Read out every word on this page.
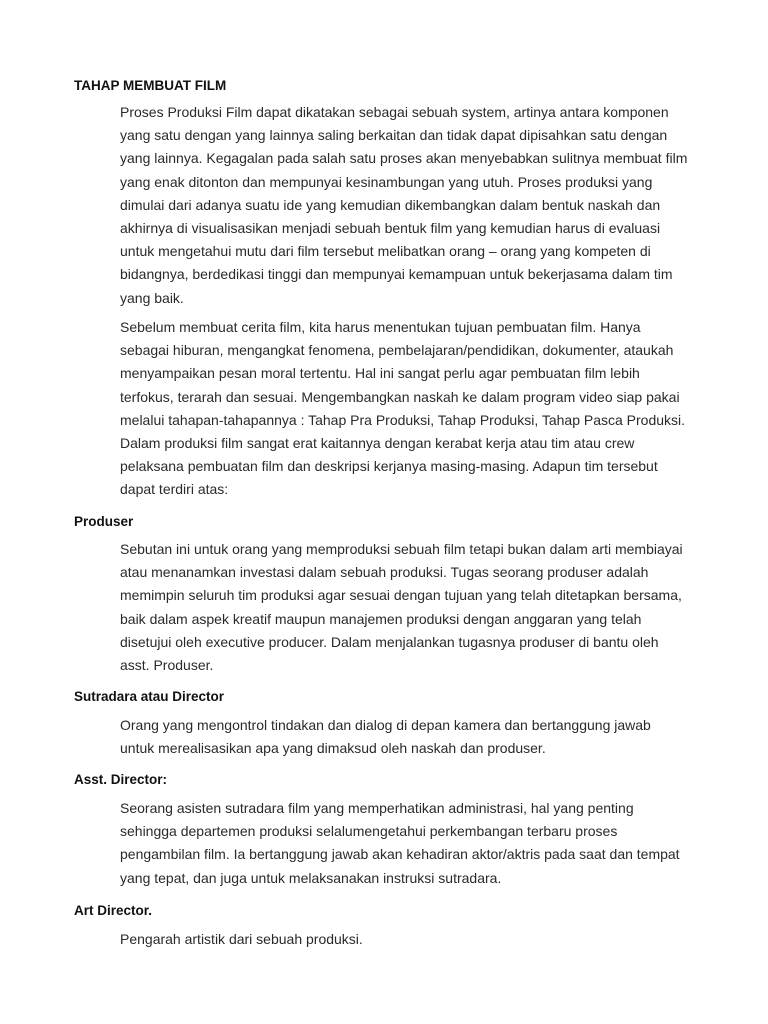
TAHAP MEMBUAT FILM
Proses Produksi Film dapat dikatakan sebagai sebuah system, artinya antara komponen
yang satu dengan yang lainnya saling berkaitan dan tidak dapat dipisahkan satu dengan
yang lainnya. Kegagalan pada salah satu proses akan menyebabkan sulitnya membuat film
yang enak ditonton dan mempunyai kesinambungan yang utuh. Proses produksi yang
dimulai dari adanya suatu ide yang kemudian dikembangkan dalam bentuk naskah dan
akhirnya di visualisasikan menjadi sebuah bentuk film yang kemudian harus di evaluasi
untuk mengetahui mutu dari film tersebut melibatkan orang – orang yang kompeten di
bidangnya, berdedikasi tinggi dan mempunyai kemampuan untuk bekerjasama dalam tim
yang baik.
Sebelum membuat cerita film, kita harus menentukan tujuan pembuatan film. Hanya
sebagai hiburan, mengangkat fenomena, pembelajaran/pendidikan, dokumenter, ataukah
menyampaikan pesan moral tertentu. Hal ini sangat perlu agar pembuatan film lebih
terfokus, terarah dan sesuai. Mengembangkan naskah ke dalam program video siap pakai
melalui tahapan-tahapannya : Tahap Pra Produksi, Tahap Produksi, Tahap Pasca Produksi.
Dalam produksi film sangat erat kaitannya dengan kerabat kerja atau tim atau crew
pelaksana pembuatan film dan deskripsi kerjanya masing-masing. Adapun tim tersebut
dapat terdiri atas:
Produser
Sebutan ini untuk orang yang memproduksi sebuah film tetapi bukan dalam arti membiayai
atau menanamkan investasi dalam sebuah produksi. Tugas seorang produser adalah
memimpin seluruh tim produksi agar sesuai dengan tujuan yang telah ditetapkan bersama,
baik dalam aspek kreatif maupun manajemen produksi dengan anggaran yang telah
disetujui oleh executive producer. Dalam menjalankan tugasnya produser di bantu oleh
asst. Produser.
Sutradara atau Director
Orang yang mengontrol tindakan dan dialog di depan kamera dan bertanggung jawab
untuk merealisasikan apa yang dimaksud oleh naskah dan produser.
Asst. Director:
Seorang asisten sutradara film yang memperhatikan administrasi, hal yang penting
sehingga departemen produksi selalumengetahui perkembangan terbaru proses
pengambilan film. Ia bertanggung jawab akan kehadiran aktor/aktris pada saat dan tempat
yang tepat, dan juga untuk melaksanakan instruksi sutradara.
Art Director.
Pengarah artistik dari sebuah produksi.
